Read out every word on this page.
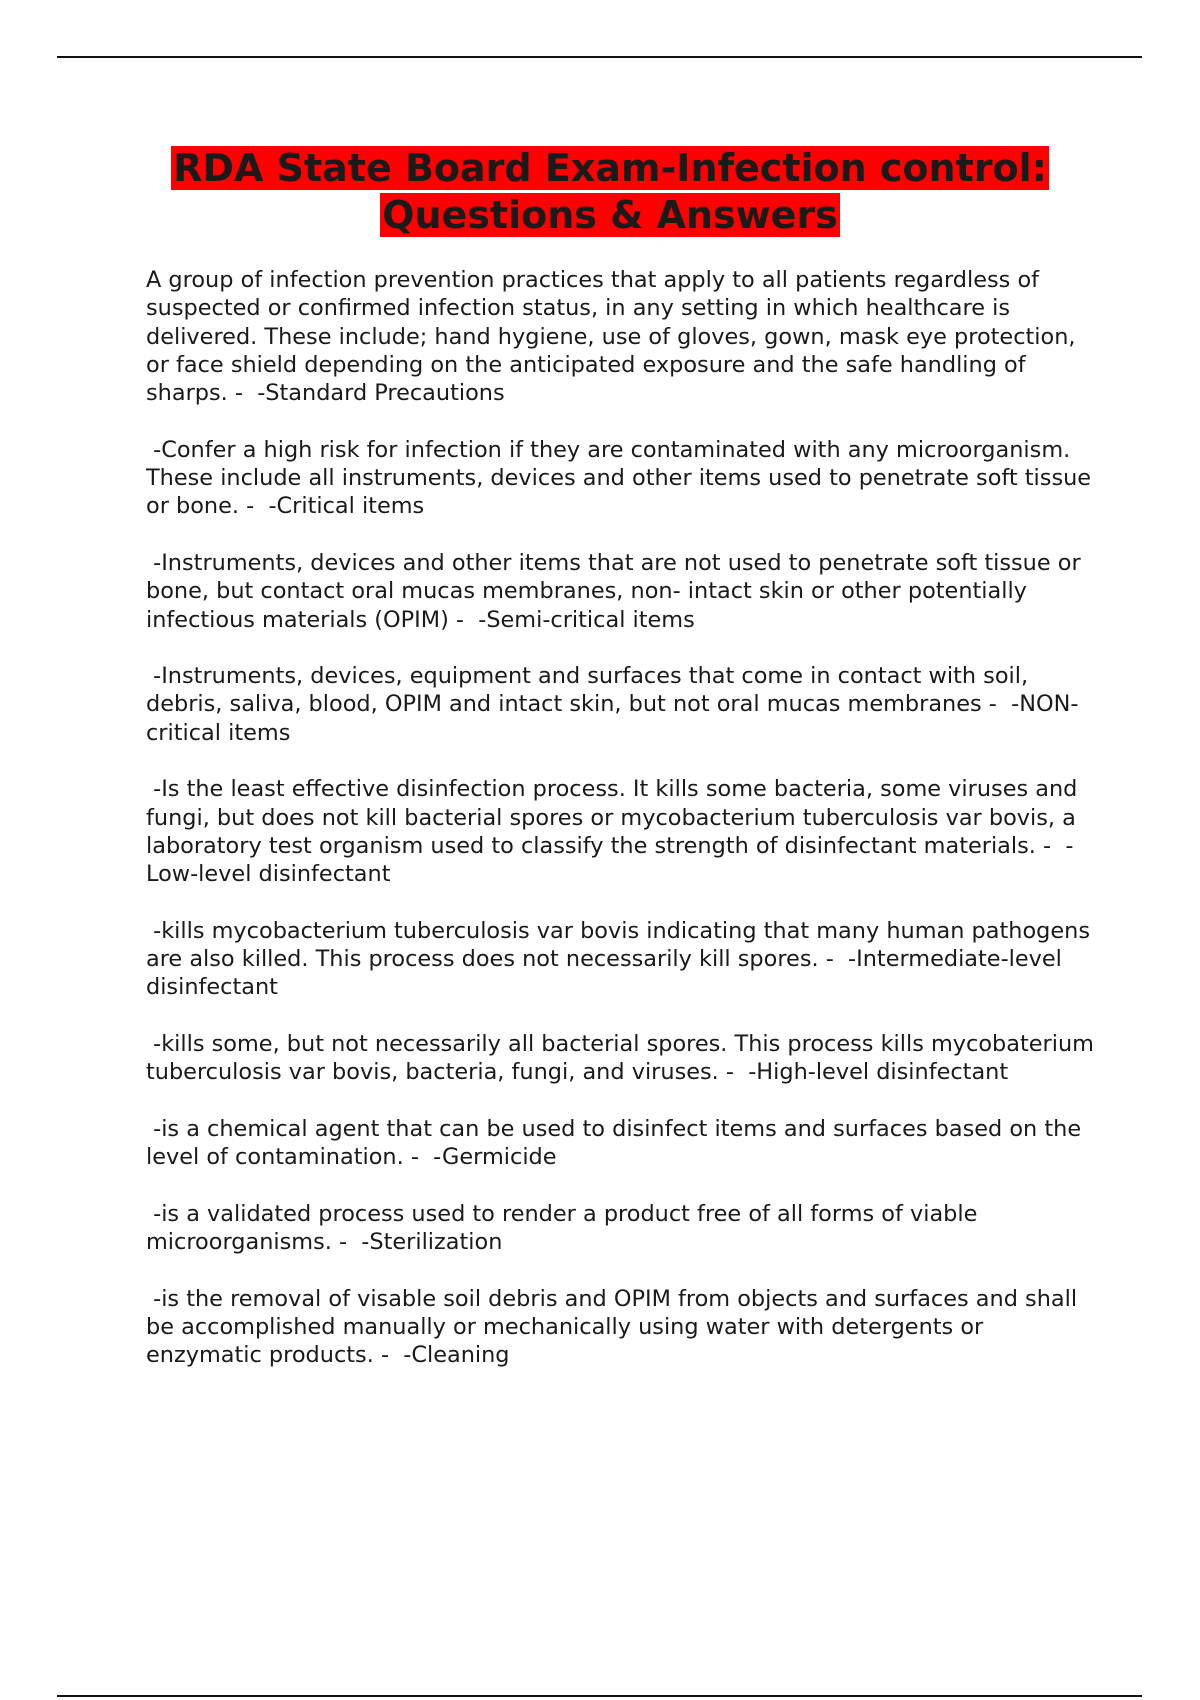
RDA State Board Exam-Infection control:
Questions & Answers

A group of infection prevention practices that apply to all patients regardless of suspected or confirmed infection status, in any setting in which healthcare is delivered. These include; hand hygiene, use of gloves, gown, mask eye protection, or face shield depending on the anticipated exposure and the safe handling of sharps. -  -Standard Precautions

-Confer a high risk for infection if they are contaminated with any microorganism. These include all instruments, devices and other items used to penetrate soft tissue or bone. -  -Critical items

-Instruments, devices and other items that are not used to penetrate soft tissue or bone, but contact oral mucas membranes, non- intact skin or other potentially infectious materials (OPIM) -  -Semi-critical items

-Instruments, devices, equipment and surfaces that come in contact with soil, debris, saliva, blood, OPIM and intact skin, but not oral mucas membranes -  -NON-critical items

-Is the least effective disinfection process. It kills some bacteria, some viruses and fungi, but does not kill bacterial spores or mycobacterium tuberculosis var bovis, a laboratory test organism used to classify the strength of disinfectant materials. -  -Low-level disinfectant

-kills mycobacterium tuberculosis var bovis indicating that many human pathogens are also killed. This process does not necessarily kill spores. -  -Intermediate-level disinfectant

-kills some, but not necessarily all bacterial spores. This process kills mycobaterium tuberculosis var bovis, bacteria, fungi, and viruses. -  -High-level disinfectant

-is a chemical agent that can be used to disinfect items and surfaces based on the level of contamination. -  -Germicide

-is a validated process used to render a product free of all forms of viable microorganisms. -  -Sterilization

-is the removal of visable soil debris and OPIM from objects and surfaces and shall be accomplished manually or mechanically using water with detergents or enzymatic products. -  -Cleaning
